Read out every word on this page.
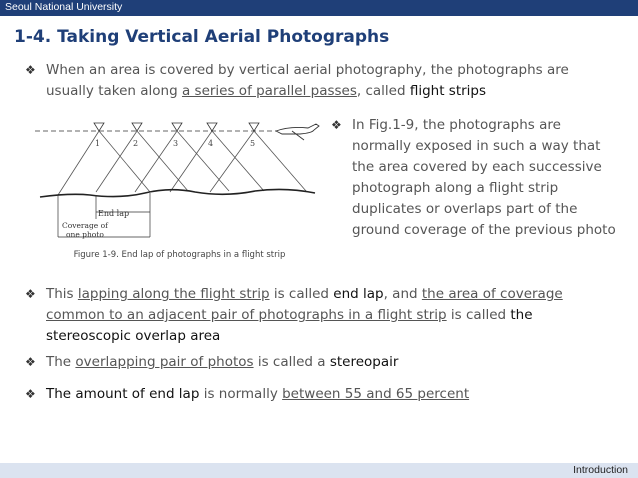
Seoul National University
1-4. Taking Vertical Aerial Photographs
❖ When an area is covered by vertical aerial photography, the photographs are usually taken along a series of parallel passes, called flight strips
1	2	3	4	5
End lap
Coverage of
one photo
Figure 1-9. End lap of photographs in a flight strip
❖ In Fig.1-9, the photographs are normally exposed in such a way that the area covered by each successive photograph along a flight strip duplicates or overlaps part of the ground coverage of the previous photo
❖ This lapping along the flight strip is called end lap, and the area of coverage common to an adjacent pair of photographs in a flight strip is called the stereoscopic overlap area
❖ The overlapping pair of photos is called a stereopair
❖ The amount of end lap is normally between 55 and 65 percent
Introduction
